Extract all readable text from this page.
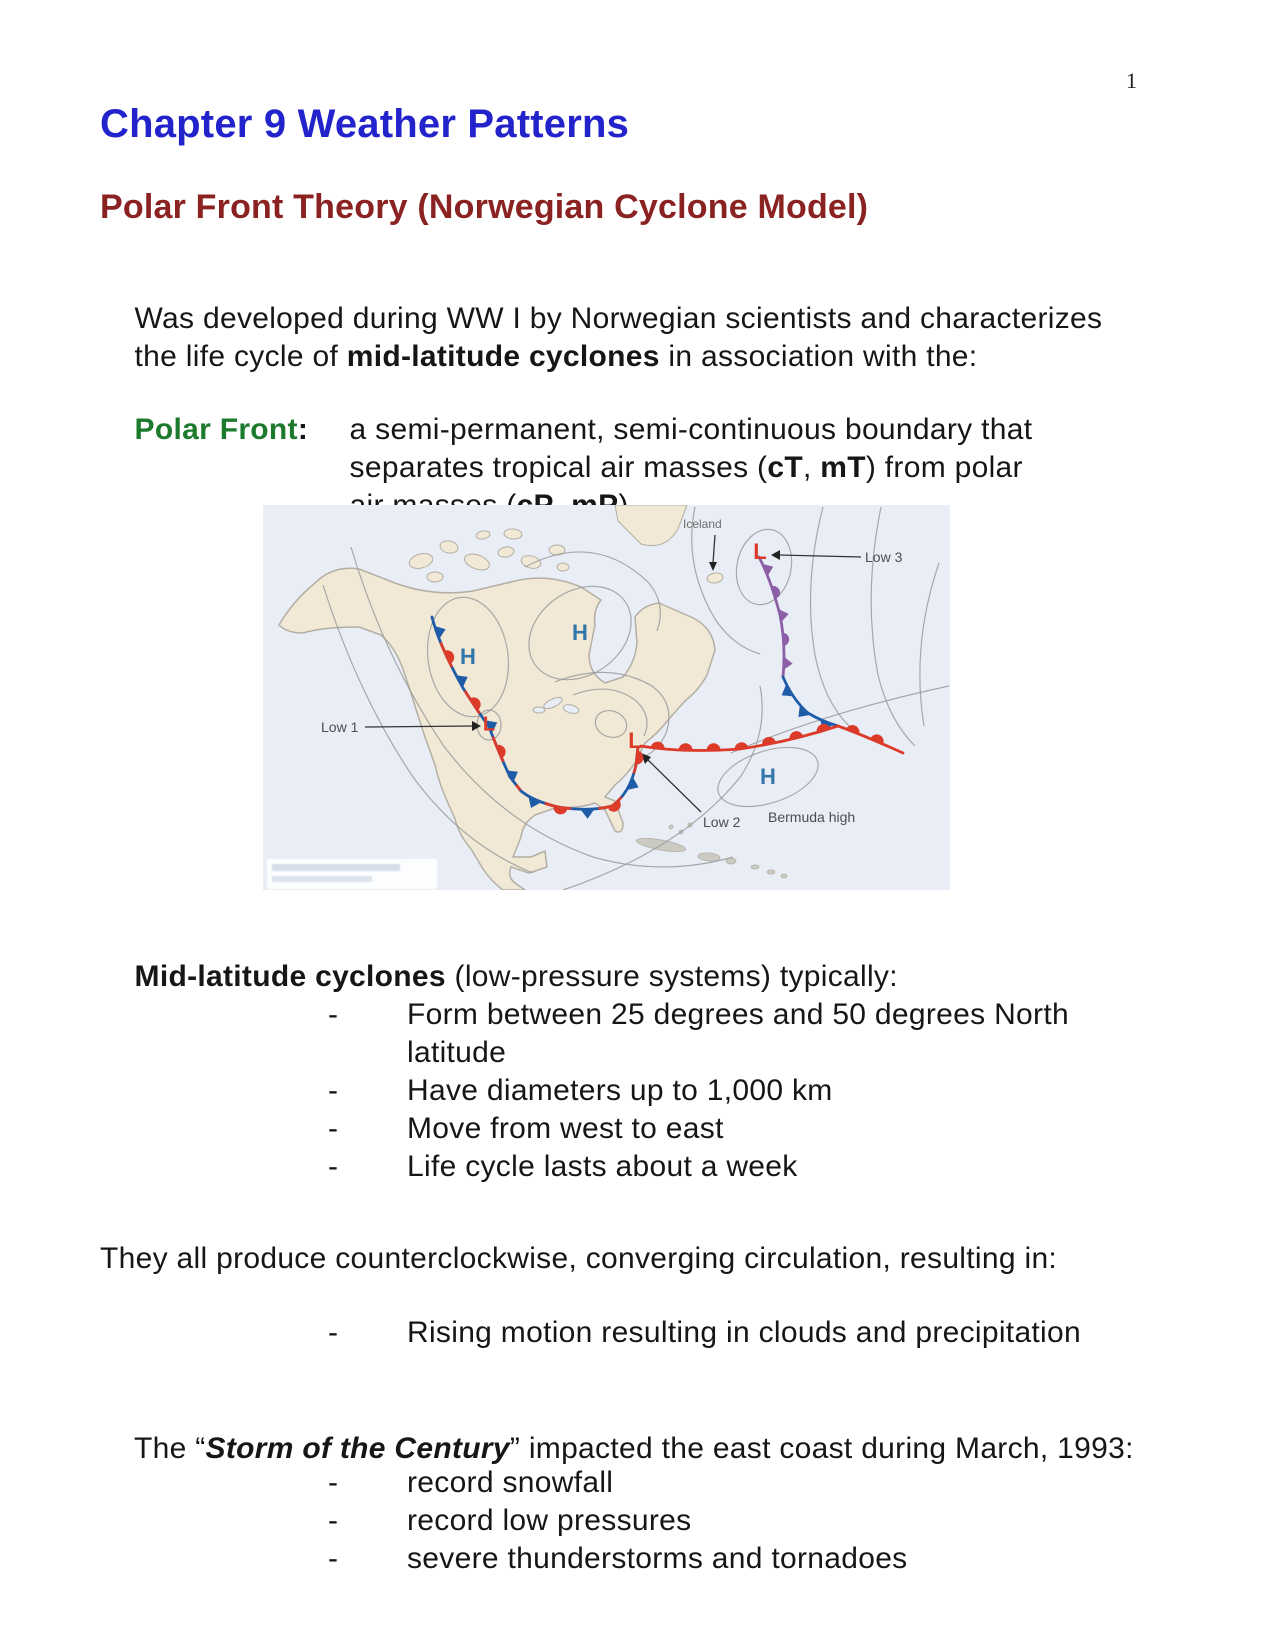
1
Chapter 9 Weather Patterns
Polar Front Theory (Norwegian Cyclone Model)

Was developed during WW I by Norwegian scientists and characterizes

the life cycle of mid-latitude cyclones in association with the:

Polar Front:
	a semi-permanent, semi-continuous boundary that

separates tropical air masses (cT, mT) from polar

Iceland
Low 3
Low 1
Low 2 Bermuda high
H
H
H
L
L
L

Mid-latitude cyclones (low-pressure systems) typically:

- Form between 25 degrees and 50 degrees North
latitude
- Have diameters up to 1,000 km
- Move from west to east
- Life cycle lasts about a week
They all produce counterclockwise, converging circulation, resulting in:
- Rising motion resulting in clouds and precipitation

The “Storm of the Century” impacted the east coast during March, 1993:

- record snowfall
- record low pressures
- severe thunderstorms and tornadoes
